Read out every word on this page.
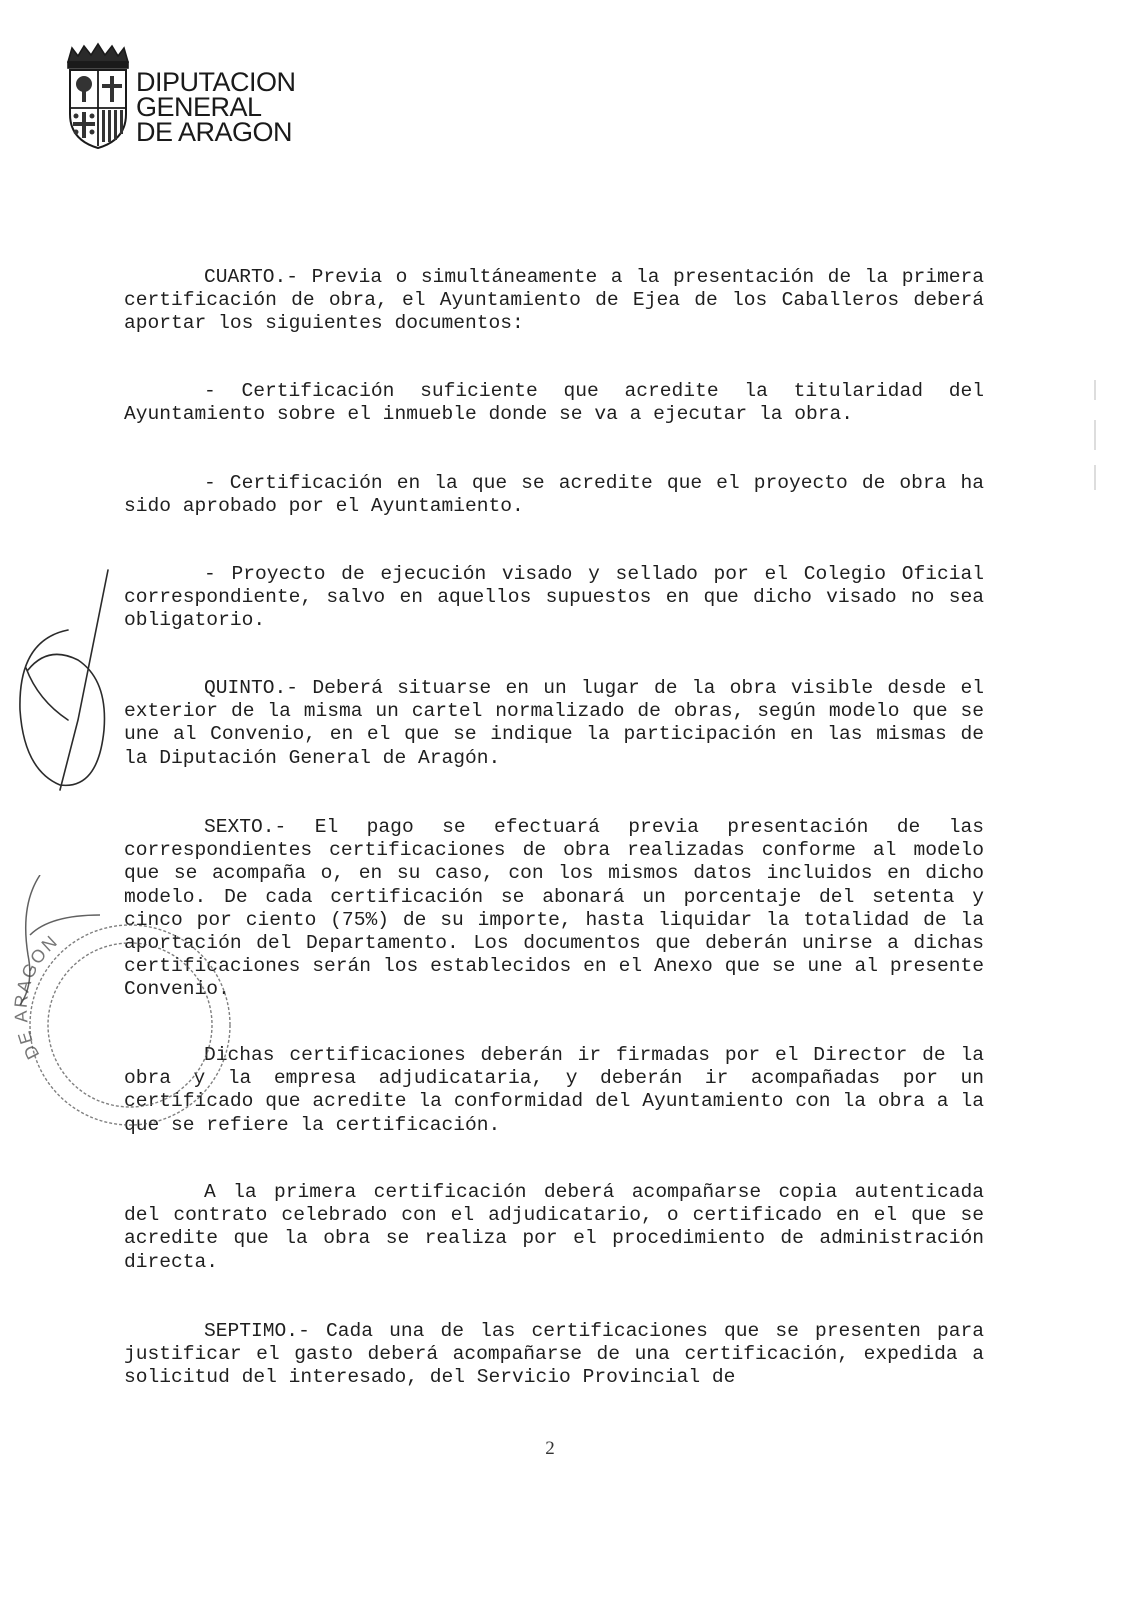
DIPUTACION
GENERAL
DE ARAGON

CUARTO.- Previa o simultáneamente a la presentación de la primera certificación de obra, el Ayuntamiento de Ejea de los Caballeros deberá aportar los siguientes documentos:

- Certificación suficiente que acredite la titularidad del Ayuntamiento sobre el inmueble donde se va a ejecutar la obra.

- Certificación en la que se acredite que el proyecto de obra ha sido aprobado por el Ayuntamiento.

- Proyecto de ejecución visado y sellado por el Colegio Oficial correspondiente, salvo en aquellos supuestos en que dicho visado no sea obligatorio.

QUINTO.- Deberá situarse en un lugar de la obra visible desde el exterior de la misma un cartel normalizado de obras, según modelo que se une al Convenio, en el que se indique la participación en las mismas de la Diputación General de Aragón.

SEXTO.- El pago se efectuará previa presentación de las correspondientes certificaciones de obra realizadas conforme al modelo que se acompaña o, en su caso, con los mismos datos incluidos en dicho modelo. De cada certificación se abonará un porcentaje del setenta y cinco por ciento (75%) de su importe, hasta liquidar la totalidad de la aportación del Departamento. Los documentos que deberán unirse a dichas certificaciones serán los establecidos en el Anexo que se une al presente Convenio.

Dichas certificaciones deberán ir firmadas por el Director de la obra y la empresa adjudicataria, y deberán ir acompañadas por un certificado que acredite la conformidad del Ayuntamiento con la obra a la que se refiere la certificación.

A la primera certificación deberá acompañarse copia autenticada del contrato celebrado con el adjudicatario, o certificado en el que se acredite que la obra se realiza por el procedimiento de administración directa.

SEPTIMO.- Cada una de las certificaciones que se presenten para justificar el gasto deberá acompañarse de una certificación, expedida a solicitud del interesado, del Servicio Provincial de

2
DE ARAGON
